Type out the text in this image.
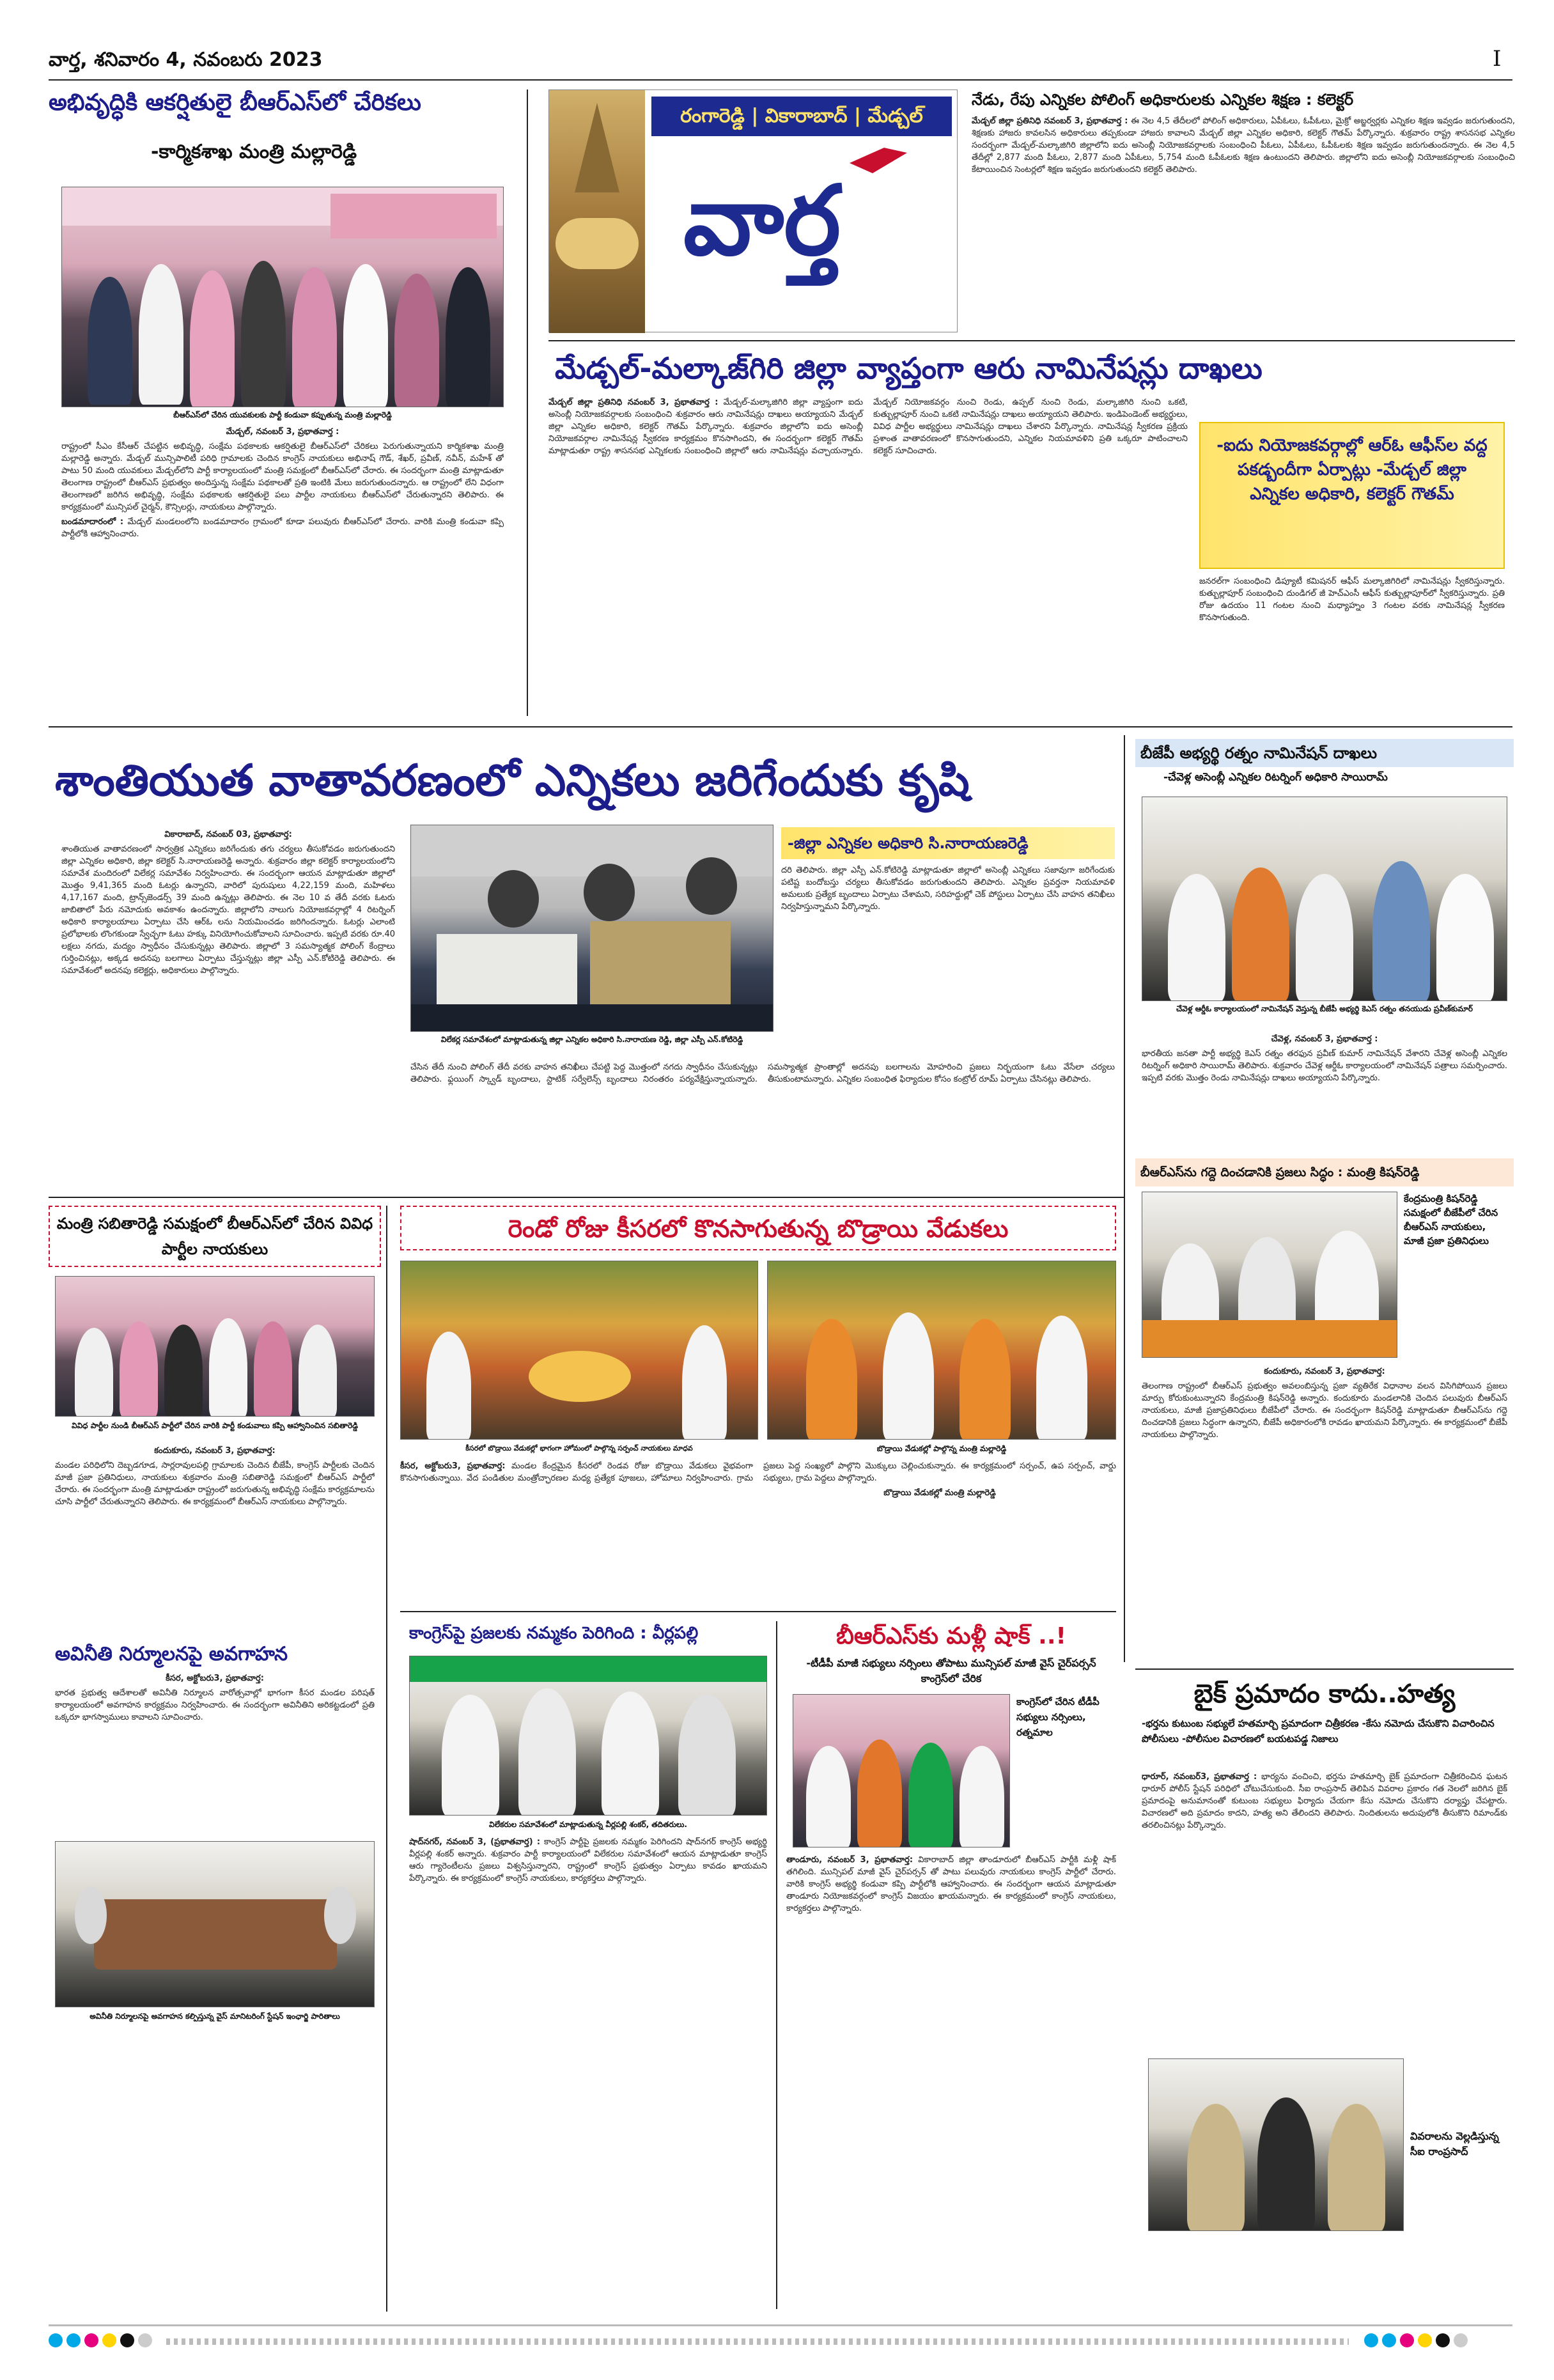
వార్త, శనివారం 4, నవంబరు 2023	I
అభివృద్ధికి ఆకర్షితులై బీఆర్ఎస్‌లో చేరికలు
-కార్మికశాఖ మంత్రి మల్లారెడ్డి
బీఆర్ఎస్‌లో చేరిన యువకులకు పార్టీ కండువా కప్పుతున్న మంత్రి మల్లారెడ్డి

మేడ్చల్, నవంబర్ 3, ప్రభాతవార్త :

రాష్ట్రంలో సీఎం కేసీఆర్ చేపట్టిన అభివృద్ధి, సంక్షేమ పథకాలకు ఆకర్షితులై బీఆర్ఎస్‌లో చేరికలు పెరుగుతున్నాయని కార్మికశాఖ మంత్రి మల్లారెడ్డి అన్నారు. మేడ్చల్ మున్సిపాలిటీ పరిధి గ్రామాలకు చెందిన కాంగ్రెస్ నాయకులు అభినాష్ గౌడ్, శేఖర్, ప్రవీణ్, నవీన్, మహేశ్ తో పాటు 50 మంది యువకులు మేడ్చల్‌లోని పార్టీ కార్యాలయంలో మంత్రి సమక్షంలో బీఆర్ఎస్‌లో చేరారు. ఈ సందర్భంగా మంత్రి మాట్లాడుతూ తెలంగాణ రాష్ట్రంలో బీఆర్ఎస్ ప్రభుత్వం అందిస్తున్న సంక్షేమ పథకాలతో ప్రతి ఇంటికి మేలు జరుగుతుందన్నారు. ఆ రాష్ట్రంలో లేని విధంగా తెలంగాణలో జరిగిన అభివృద్ధి, సంక్షేమ పథకాలకు ఆకర్షితులై పలు పార్టీల నాయకులు బీఆర్ఎస్‌లో చేరుతున్నారని తెలిపారు. ఈ కార్యక్రమంలో మున్సిపల్ చైర్మన్, కౌన్సిలర్లు, నాయకులు పాల్గొన్నారు.

బండమాదారంలో : మేడ్చల్ మండలంలోని బండమాదారం గ్రామంలో కూడా పలువురు బీఆర్ఎస్‌లో చేరారు. వారికి మంత్రి కండువా కప్పి పార్టీలోకి ఆహ్వానించారు.

రంగారెడ్డి | వికారాబాద్ | మేడ్చల్
వార్త
నేడు, రేపు ఎన్నికల పోలింగ్ అధికారులకు ఎన్నికల శిక్షణ : కలెక్టర్

మేడ్చల్ జిల్లా ప్రతినిధి నవంబర్ 3, ప్రభాతవార్త : ఈ నెల 4,5 తేదీలలో పోలింగ్ అధికారులు, ఏపీఓలు, ఓపీఓలు, మైక్రో అబ్జర్వర్లకు ఎన్నికల శిక్షణ ఇవ్వడం జరుగుతుందని, శిక్షణకు హాజరు కావలసిన అధికారులు తప్పకుండా హాజరు కావాలని మేడ్చల్ జిల్లా ఎన్నికల అధికారి, కలెక్టర్ గౌతమ్ పేర్కొన్నారు. శుక్రవారం రాష్ట్ర శాసనసభ ఎన్నికల సందర్భంగా మేడ్చల్-మల్కాజిగిరి జిల్లాలోని ఐదు అసెంబ్లీ నియోజకవర్గాలకు సంబంధించి పీఓలు, ఏపీఓలు, ఓపీఓలకు శిక్షణ ఇవ్వడం జరుగుతుందన్నారు. ఈ నెల 4,5 తేదీల్లో 2,877 మంది పీఓలు, 2,877 మంది ఏపీఓలు, 5,754 మంది ఓపీఓలకు శిక్షణ ఉంటుందని తెలిపారు. జిల్లాలోని ఐదు అసెంబ్లీ నియోజకవర్గాలకు సంబంధించి కేటాయించిన సెంటర్లలో శిక్షణ ఇవ్వడం జరుగుతుందని కలెక్టర్ తెలిపారు.

మేడ్చల్-మల్కాజ్‌గిరి జిల్లా వ్యాప్తంగా ఆరు నామినేషన్లు దాఖలు

మేడ్చల్ జిల్లా ప్రతినిధి నవంబర్ 3, ప్రభాతవార్త : మేడ్చల్-మల్కాజిగిరి జిల్లా వ్యాప్తంగా ఐదు అసెంబ్లీ నియోజకవర్గాలకు సంబంధించి శుక్రవారం ఆరు నామినేషన్లు దాఖలు అయ్యాయని మేడ్చల్ జిల్లా ఎన్నికల అధికారి, కలెక్టర్ గౌతమ్ పేర్కొన్నారు. శుక్రవారం జిల్లాలోని ఐదు అసెంబ్లీ నియోజకవర్గాల నామినేషన్ల స్వీకరణ కార్యక్రమం కొనసాగిందని, ఈ సందర్భంగా కలెక్టర్ గౌతమ్ మాట్లాడుతూ రాష్ట్ర శాసనసభ ఎన్నికలకు సంబంధించి జిల్లాలో ఆరు నామినేషన్లు వచ్చాయన్నారు. మేడ్చల్ నియోజకవర్గం నుంచి రెండు, ఉప్పల్ నుంచి రెండు, మల్కాజిగిరి నుంచి ఒకటి, కుత్బుల్లాపూర్ నుంచి ఒకటి నామినేషన్లు దాఖలు అయ్యాయని తెలిపారు. ఇండిపెండెంట్ అభ్యర్థులు, వివిధ పార్టీల అభ్యర్థులు నామినేషన్లు దాఖలు చేశారని పేర్కొన్నారు. నామినేషన్ల స్వీకరణ ప్రక్రియ ప్రశాంత వాతావరణంలో కొనసాగుతుందని, ఎన్నికల నియమావళిని ప్రతి ఒక్కరూ పాటించాలని కలెక్టర్ సూచించారు.	-ఐదు నియోజకవర్గాల్లో ఆర్ఓ ఆఫీస్‌ల వద్ద పకడ్బందీగా ఏర్పాట్లు -మేడ్చల్ జిల్లా ఎన్నికల అధికారి, కలెక్టర్ గౌతమ్
జనరల్‌గా సంబంధించి డిప్యూటీ కమిషనర్ ఆఫీస్ మల్కాజిగిరిలో నామినేషన్లు స్వీకరిస్తున్నారు. కుత్బుల్లాపూర్ సంబంధించి దుండిగల్ జీ హెచ్ఎంసీ ఆఫీస్ కుత్బుల్లాపూర్‌లో స్వీకరిస్తున్నారు. ప్రతి రోజు ఉదయం 11 గంటల నుంచి మధ్యాహ్నం 3 గంటల వరకు నామినేషన్ల స్వీకరణ కొనసాగుతుంది.
శాంతియుత వాతావరణంలో ఎన్నికలు జరిగేందుకు కృషి

వికారాబాద్, నవంబర్ 03, ప్రభాతవార్త:

శాంతియుత వాతావరణంలో సార్వత్రిక ఎన్నికలు జరిగేందుకు తగు చర్యలు తీసుకోవడం జరుగుతుందని జిల్లా ఎన్నికల అధికారి, జిల్లా కలెక్టర్ సి.నారాయణరెడ్డి అన్నారు. శుక్రవారం జిల్లా కలెక్టర్ కార్యాలయంలోని సమావేశ మందిరంలో విలేకర్ల సమావేశం నిర్వహించారు. ఈ సందర్భంగా ఆయన మాట్లాడుతూ జిల్లాలో మొత్తం 9,41,365 మంది ఓటర్లు ఉన్నారని, వారిలో పురుషులు 4,22,159 మంది, మహిళలు 4,17,167 మంది, ట్రాన్స్‌జెండర్స్ 39 మంది ఉన్నట్లు తెలిపారు. ఈ నెల 10 వ తేదీ వరకు ఓటరు జాబితాలో పేరు నమోదుకు అవకాశం ఉందన్నారు. జిల్లాలోని నాలుగు నియోజకవర్గాల్లో 4 రిటర్నింగ్ అధికారి కార్యాలయాలు ఏర్పాటు చేసి ఆర్ఓ లను నియమించడం జరిగిందన్నారు. ఓటర్లు ఎలాంటి ప్రలోభాలకు లొంగకుండా స్వేచ్ఛగా ఓటు హక్కు వినియోగించుకోవాలని సూచించారు. ఇప్పటి వరకు రూ.40 లక్షలు నగదు, మద్యం స్వాధీనం చేసుకున్నట్లు తెలిపారు. జిల్లాలో 3 సమస్యాత్మక పోలింగ్ కేంద్రాలు గుర్తించినట్లు, అక్కడ అదనపు బలగాలు ఏర్పాటు చేస్తున్నట్లు జిల్లా ఎస్పీ ఎన్.కోటిరెడ్డి తెలిపారు. ఈ సమావేశంలో అదనపు కలెక్టర్లు, అధికారులు పాల్గొన్నారు.

విలేకర్ల సమావేశంలో మాట్లాడుతున్న జిల్లా ఎన్నికల అధికారి సి.నారాయణ రెడ్డి, జిల్లా ఎస్పీ ఎన్.కోటిరెడ్డి
-జిల్లా ఎన్నికల అధికారి సి.నారాయణరెడ్డి

దరి తెలిపారు. జిల్లా ఎస్పీ ఎన్.కోటిరెడ్డి మాట్లాడుతూ జిల్లాలో అసెంబ్లీ ఎన్నికలు సజావుగా జరిగేందుకు పటిష్ట బందోబస్తు చర్యలు తీసుకోవడం జరుగుతుందని తెలిపారు. ఎన్నికల ప్రవర్తనా నియమావళి అమలుకు ప్రత్యేక బృందాలు ఏర్పాటు చేశామని, సరిహద్దుల్లో చెక్ పోస్టులు ఏర్పాటు చేసి వాహన తనిఖీలు నిర్వహిస్తున్నామని పేర్కొన్నారు.

చేసిన తేదీ నుంచి పోలింగ్ తేదీ వరకు వాహన తనిఖీలు చేపట్టి పెద్ద మొత్తంలో నగదు స్వాధీనం చేసుకున్నట్లు తెలిపారు. ఫ్లయింగ్ స్క్వాడ్ బృందాలు, స్టాటిక్ సర్వేలెన్స్ బృందాలు నిరంతరం పర్యవేక్షిస్తున్నాయన్నారు. సమస్యాత్మక ప్రాంతాల్లో అదనపు బలగాలను మోహరించి ప్రజలు నిర్భయంగా ఓటు వేసేలా చర్యలు తీసుకుంటామన్నారు. ఎన్నికల సంబంధిత ఫిర్యాదుల కోసం కంట్రోల్ రూమ్ ఏర్పాటు చేసినట్లు తెలిపారు.

బీజేపీ అభ్యర్థి రత్నం నామినేషన్ దాఖలు
-చేవెళ్ల అసెంబ్లీ ఎన్నికల రిటర్నింగ్ అధికారి సాయిరామ్
చేవెళ్ల ఆర్డీఓ కార్యాలయంలో నామినేషన్ వెస్తున్న బీజేపీ అభ్యర్థి కెఎస్ రత్నం తనయుడు ప్రవీణ్‌కుమార్

చేవెళ్ల, నవంబర్ 3, ప్రభాతవార్త :

భారతీయ జనతా పార్టీ అభ్యర్థి కెఎస్ రత్నం తరఫున ప్రవీణ్ కుమార్ నామినేషన్ వేశారని చేవెళ్ల అసెంబ్లీ ఎన్నికల రిటర్నింగ్ అధికారి సాయిరామ్ తెలిపారు. శుక్రవారం చేవెళ్ల ఆర్డీఓ కార్యాలయంలో నామినేషన్ పత్రాలు సమర్పించారు. ఇప్పటి వరకు మొత్తం రెండు నామినేషన్లు దాఖలు అయ్యాయని పేర్కొన్నారు.

బీఆర్ఎస్‌ను గద్దె దించడానికి ప్రజలు సిద్ధం : మంత్రి కిషన్‌రెడ్డి
కేంద్రమంత్రి కిషన్‌రెడ్డి సమక్షంలో బీజేపీలో చేరిన బీఆర్ఎస్ నాయకులు, మాజీ ప్రజా ప్రతినిధులు

కందుకూరు, నవంబర్ 3, ప్రభాతవార్త:

తెలంగాణ రాష్ట్రంలో బీఆర్ఎస్ ప్రభుత్వం అవలంబిస్తున్న ప్రజా వ్యతిరేక విధానాల వలన విసిగిపోయిన ప్రజలు మార్పు కోరుకుంటున్నారని కేంద్రమంత్రి కిషన్‌రెడ్డి అన్నారు. కందుకూరు మండలానికి చెందిన పలువురు బీఆర్ఎస్ నాయకులు, మాజీ ప్రజాప్రతినిధులు బీజేపీలో చేరారు. ఈ సందర్భంగా కిషన్‌రెడ్డి మాట్లాడుతూ బీఆర్ఎస్‌ను గద్దె దించడానికి ప్రజలు సిద్ధంగా ఉన్నారని, బీజేపీ అధికారంలోకి రావడం ఖాయమని పేర్కొన్నారు. ఈ కార్యక్రమంలో బీజేపీ నాయకులు పాల్గొన్నారు.

మంత్రి సబితారెడ్డి సమక్షంలో బీఆర్ఎస్‌లో చేరిన వివిధ పార్టీల నాయకులు
వివిధ పార్టీల నుండి బీఆర్ఎస్ పార్టీలో చేరిన వారికి పార్టీ కండువాలు కప్పి ఆహ్వానించిన సబితారెడ్డి

కందుకూరు, నవంబర్ 3, ప్రభాతవార్త:

మండల పరిధిలోని దెబ్బడగూడ, సార్లరావులపల్లి గ్రామాలకు చెందిన బీజేపీ, కాంగ్రెస్ పార్టీలకు చెందిన మాజీ ప్రజా ప్రతినిధులు, నాయకులు శుక్రవారం మంత్రి సబితారెడ్డి సమక్షంలో బీఆర్ఎస్ పార్టీలో చేరారు. ఈ సందర్భంగా మంత్రి మాట్లాడుతూ రాష్ట్రంలో జరుగుతున్న అభివృద్ధి సంక్షేమ కార్యక్రమాలను చూసి పార్టీలో చేరుతున్నారని తెలిపారు. ఈ కార్యక్రమంలో బీఆర్ఎస్ నాయకులు పాల్గొన్నారు.

అవినీతి నిర్మూలనపై అవగాహన

కీసర, అక్టోబరు3, ప్రభాతవార్త:

భారత ప్రభుత్వ ఆదేశాలతో అవినీతి నిర్మూలన వారోత్సవాల్లో భాగంగా కీసర మండల పరిషత్ కార్యాలయంలో అవగాహన కార్యక్రమం నిర్వహించారు. ఈ సందర్భంగా అవినీతిని అరికట్టడంలో ప్రతి ఒక్కరూ భాగస్వాములు కావాలని సూచించారు.

అవినీతి నిర్మూలనపై అవగాహన కల్పిస్తున్న వైస్ మానిటరింగ్ స్టేషన్ ఇంఛార్జి పారితాలు
రెండో రోజు కీసరలో కొనసాగుతున్న బొడ్రాయి వేడుకలు
కీసరలో బొడ్రాయి వేడుకల్లో భాగంగా హోమంలో పాల్గొన్న సర్పంచ్ నాయకులు మాధవ	బొడ్రాయి వేడుకల్లో పాల్గొన్న మంత్రి మల్లారెడ్డి

కీసర, అక్టోబరు3, ప్రభాతవార్త: మండల కేంద్రమైన కీసరలో రెండవ రోజు బొడ్రాయి వేడుకలు వైభవంగా కొనసాగుతున్నాయి. వేద పండితుల మంత్రోచ్ఛారణల మధ్య ప్రత్యేక పూజలు, హోమాలు నిర్వహించారు. గ్రామ ప్రజలు పెద్ద సంఖ్యలో పాల్గొని మొక్కులు చెల్లించుకున్నారు. ఈ కార్యక్రమంలో సర్పంచ్, ఉప సర్పంచ్, వార్డు సభ్యులు, గ్రామ పెద్దలు పాల్గొన్నారు.

బొడ్రాయి వేడుకల్లో మంత్రి మల్లారెడ్డి

కాంగ్రెస్‌పై ప్రజలకు నమ్మకం పెరిగింది : వీర్లపల్లి
విలేకరుల సమావేశంలో మాట్లాడుతున్న వీర్లపల్లి శంకర్, తదితరులు.

షాద్‌నగర్, నవంబర్ 3, (ప్రభాతవార్త) : కాంగ్రెస్ పార్టీపై ప్రజలకు నమ్మకం పెరిగిందని షాద్‌నగర్ కాంగ్రెస్ అభ్యర్థి వీర్లపల్లి శంకర్ అన్నారు. శుక్రవారం పార్టీ కార్యాలయంలో విలేకరుల సమావేశంలో ఆయన మాట్లాడుతూ కాంగ్రెస్ ఆరు గ్యారెంటీలను ప్రజలు విశ్వసిస్తున్నారని, రాష్ట్రంలో కాంగ్రెస్ ప్రభుత్వం ఏర్పాటు కావడం ఖాయమని పేర్కొన్నారు. ఈ కార్యక్రమంలో కాంగ్రెస్ నాయకులు, కార్యకర్తలు పాల్గొన్నారు.

బీఆర్ఎస్‌కు మళ్లీ షాక్ ..!
-టీడీపీ మాజీ సభ్యులు నర్సింలు తోపాటు మున్సిపల్ మాజీ వైస్ చైర్‌పర్సన్ కాంగ్రెస్‌లో చేరిక
కాంగ్రెస్‌లో చేరిన టీడీపీ సభ్యులు నర్సింలు, రత్నమాల

తాండూరు, నవంబర్ 3, ప్రభాతవార్త: వికారాబాద్ జిల్లా తాండూరులో బీఆర్ఎస్ పార్టీకి మళ్లీ షాక్ తగిలింది. మున్సిపల్ మాజీ వైస్ చైర్‌పర్సన్ తో పాటు పలువురు నాయకులు కాంగ్రెస్ పార్టీలో చేరారు. వారికి కాంగ్రెస్ అభ్యర్థి కండువా కప్పి పార్టీలోకి ఆహ్వానించారు. ఈ సందర్భంగా ఆయన మాట్లాడుతూ తాండూరు నియోజకవర్గంలో కాంగ్రెస్ విజయం ఖాయమన్నారు. ఈ కార్యక్రమంలో కాంగ్రెస్ నాయకులు, కార్యకర్తలు పాల్గొన్నారు.

బైక్ ప్రమాదం కాదు..హత్య
-భర్తను కుటుంబ సభ్యులే హతమార్చి ప్రమాదంగా చిత్రీకరణ -కేసు నమోదు చేసుకొని విచారించిన పోలీసులు -పోలీసుల విచారణలో బయటపడ్డ నిజాలు

ధారూర్, నవంబర్3, ప్రభాతవార్త : భార్యను వంచించి, భర్తను హతమార్చి బైక్ ప్రమాదంగా చిత్రీకరించిన ఘటన ధారూర్ పోలీస్ స్టేషన్ పరిధిలో చోటుచేసుకుంది. సీఐ రాంప్రసాద్ తెలిపిన వివరాల ప్రకారం గత నెలలో జరిగిన బైక్ ప్రమాదంపై అనుమానంతో కుటుంబ సభ్యులు ఫిర్యాదు చేయగా కేసు నమోదు చేసుకొని దర్యాప్తు చేపట్టారు. విచారణలో అది ప్రమాదం కాదని, హత్య అని తేలిందని తెలిపారు. నిందితులను అదుపులోకి తీసుకొని రిమాండ్‌కు తరలించినట్లు పేర్కొన్నారు.

వివరాలను వెల్లడిస్తున్న సీఐ రాంప్రసాద్
